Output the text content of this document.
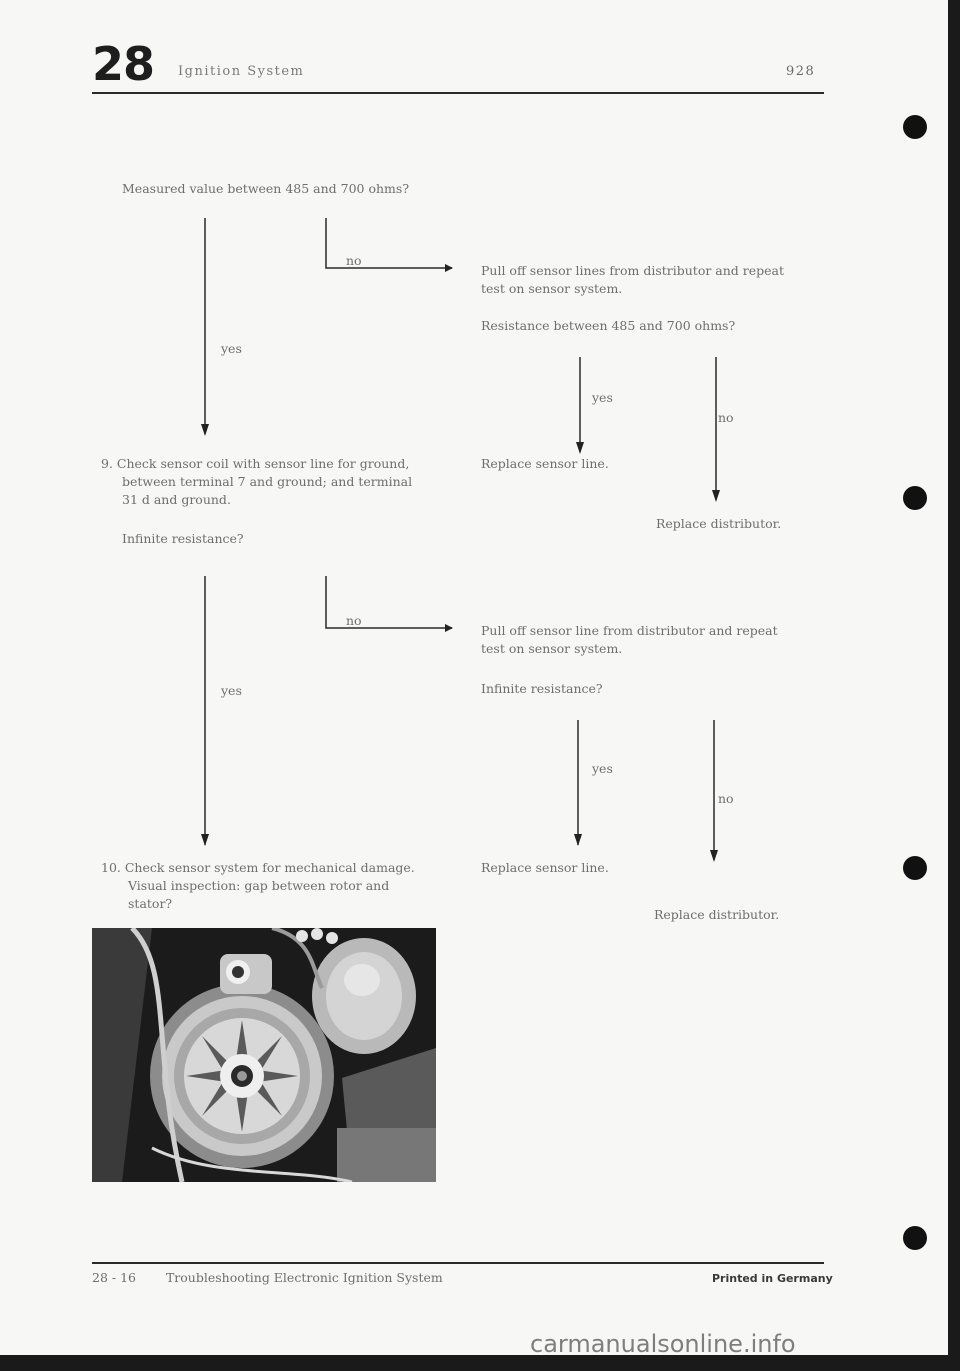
28 Ignition System	928
Measured value between 485 and 700 ohms?
no
yes
Pull off sensor lines from distributor and repeat
test on sensor system.
Resistance between 485 and 700 ohms?
yes
no
Replace sensor line.
Replace distributor.
9. Check sensor coil with sensor line for ground,
between terminal 7 and ground; and terminal
31 d and ground.
Infinite resistance?
no
yes
Pull off sensor line from distributor and repeat
test on sensor system.
Infinite resistance?
yes
no
Replace sensor line.
Replace distributor.
10. Check sensor system for mechanical damage.
Visual inspection: gap between rotor and
stator?
28 - 16 Troubleshooting Electronic Ignition System	Printed in Germany
carmanualsonline.info
